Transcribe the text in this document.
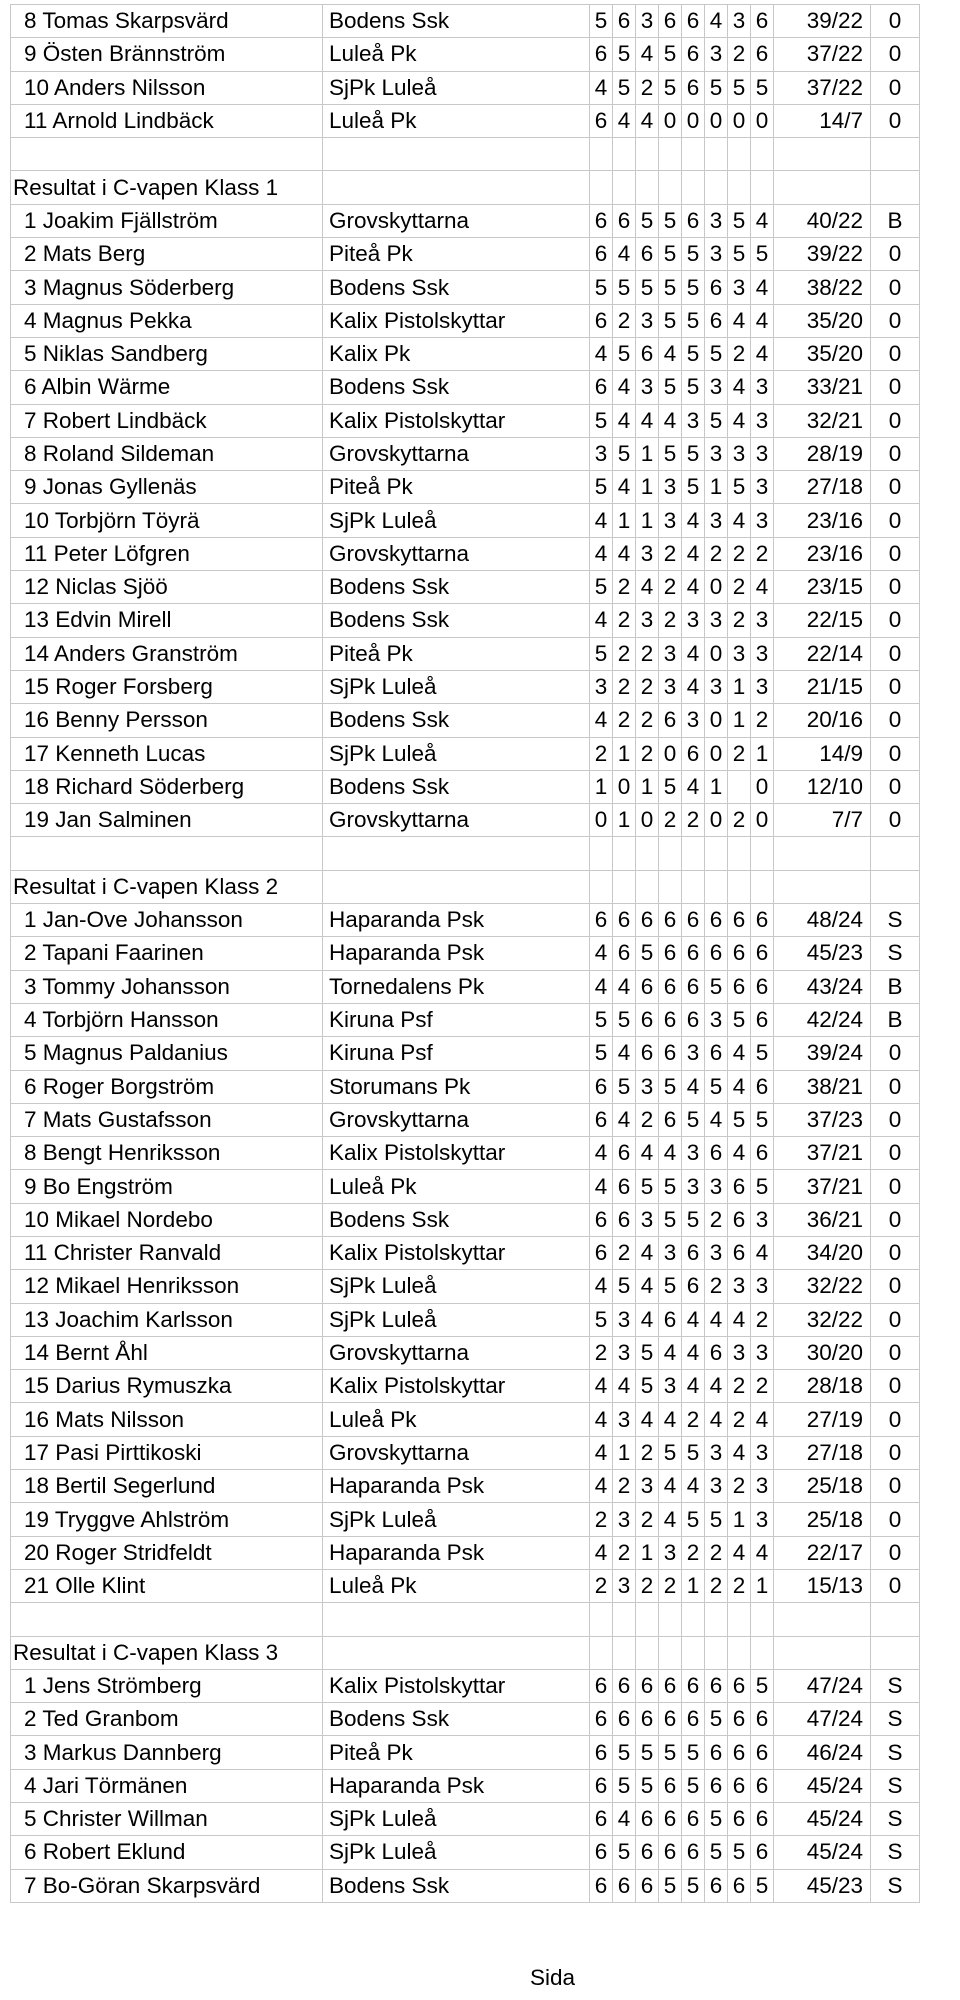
8 Tomas Skarpsvärd	Bodens Ssk	5	6	3	6	6	4	3	6	39/22	0
9 Östen Brännström	Luleå Pk	6	5	4	5	6	3	2	6	37/22	0
10 Anders Nilsson	SjPk Luleå	4	5	2	5	6	5	5	5	37/22	0
11 Arnold Lindbäck	Luleå Pk	6	4	4	0	0	0	0	0	14/7	0

Resultat i C-vapen Klass 1											
1 Joakim Fjällström	Grovskyttarna	6	6	5	5	6	3	5	4	40/22	B
2 Mats Berg	Piteå Pk	6	4	6	5	5	3	5	5	39/22	0
3 Magnus Söderberg	Bodens Ssk	5	5	5	5	5	6	3	4	38/22	0
4 Magnus Pekka	Kalix Pistolskyttar	6	2	3	5	5	6	4	4	35/20	0
5 Niklas Sandberg	Kalix Pk	4	5	6	4	5	5	2	4	35/20	0
6 Albin Wärme	Bodens Ssk	6	4	3	5	5	3	4	3	33/21	0
7 Robert Lindbäck	Kalix Pistolskyttar	5	4	4	4	3	5	4	3	32/21	0
8 Roland Sildeman	Grovskyttarna	3	5	1	5	5	3	3	3	28/19	0
9 Jonas Gyllenäs	Piteå Pk	5	4	1	3	5	1	5	3	27/18	0
10 Torbjörn Töyrä	SjPk Luleå	4	1	1	3	4	3	4	3	23/16	0
11 Peter Löfgren	Grovskyttarna	4	4	3	2	4	2	2	2	23/16	0
12 Niclas Sjöö	Bodens Ssk	5	2	4	2	4	0	2	4	23/15	0
13 Edvin Mirell	Bodens Ssk	4	2	3	2	3	3	2	3	22/15	0
14 Anders Granström	Piteå Pk	5	2	2	3	4	0	3	3	22/14	0
15 Roger Forsberg	SjPk Luleå	3	2	2	3	4	3	1	3	21/15	0
16 Benny Persson	Bodens Ssk	4	2	2	6	3	0	1	2	20/16	0
17 Kenneth Lucas	SjPk Luleå	2	1	2	0	6	0	2	1	14/9	0
18 Richard Söderberg	Bodens Ssk	1	0	1	5	4	1		0	12/10	0
19 Jan Salminen	Grovskyttarna	0	1	0	2	2	0	2	0	7/7	0

Resultat i C-vapen Klass 2											
1 Jan-Ove Johansson	Haparanda Psk	6	6	6	6	6	6	6	6	48/24	S
2 Tapani Faarinen	Haparanda Psk	4	6	5	6	6	6	6	6	45/23	S
3 Tommy Johansson	Tornedalens Pk	4	4	6	6	6	5	6	6	43/24	B
4 Torbjörn Hansson	Kiruna Psf	5	5	6	6	6	3	5	6	42/24	B
5 Magnus Paldanius	Kiruna Psf	5	4	6	6	3	6	4	5	39/24	0
6 Roger Borgström	Storumans Pk	6	5	3	5	4	5	4	6	38/21	0
7 Mats Gustafsson	Grovskyttarna	6	4	2	6	5	4	5	5	37/23	0
8 Bengt Henriksson	Kalix Pistolskyttar	4	6	4	4	3	6	4	6	37/21	0
9 Bo Engström	Luleå Pk	4	6	5	5	3	3	6	5	37/21	0
10 Mikael Nordebo	Bodens Ssk	6	6	3	5	5	2	6	3	36/21	0
11 Christer Ranvald	Kalix Pistolskyttar	6	2	4	3	6	3	6	4	34/20	0
12 Mikael Henriksson	SjPk Luleå	4	5	4	5	6	2	3	3	32/22	0
13 Joachim Karlsson	SjPk Luleå	5	3	4	6	4	4	4	2	32/22	0
14 Bernt Åhl	Grovskyttarna	2	3	5	4	4	6	3	3	30/20	0
15 Darius Rymuszka	Kalix Pistolskyttar	4	4	5	3	4	4	2	2	28/18	0
16 Mats Nilsson	Luleå Pk	4	3	4	4	2	4	2	4	27/19	0
17 Pasi Pirttikoski	Grovskyttarna	4	1	2	5	5	3	4	3	27/18	0
18 Bertil Segerlund	Haparanda Psk	4	2	3	4	4	3	2	3	25/18	0
19 Tryggve Ahlström	SjPk Luleå	2	3	2	4	5	5	1	3	25/18	0
20 Roger Stridfeldt	Haparanda Psk	4	2	1	3	2	2	4	4	22/17	0
21 Olle Klint	Luleå Pk	2	3	2	2	1	2	2	1	15/13	0

Resultat i C-vapen Klass 3											
1 Jens Strömberg	Kalix Pistolskyttar	6	6	6	6	6	6	6	5	47/24	S
2 Ted Granbom	Bodens Ssk	6	6	6	6	6	5	6	6	47/24	S
3 Markus Dannberg	Piteå Pk	6	5	5	5	5	6	6	6	46/24	S
4 Jari Törmänen	Haparanda Psk	6	5	5	6	5	6	6	6	45/24	S
5 Christer Willman	SjPk Luleå	6	4	6	6	6	5	6	6	45/24	S
6 Robert Eklund	SjPk Luleå	6	5	6	6	6	5	5	6	45/24	S
7 Bo-Göran Skarpsvärd	Bodens Ssk	6	6	6	5	5	6	6	5	45/23	S
Sida
